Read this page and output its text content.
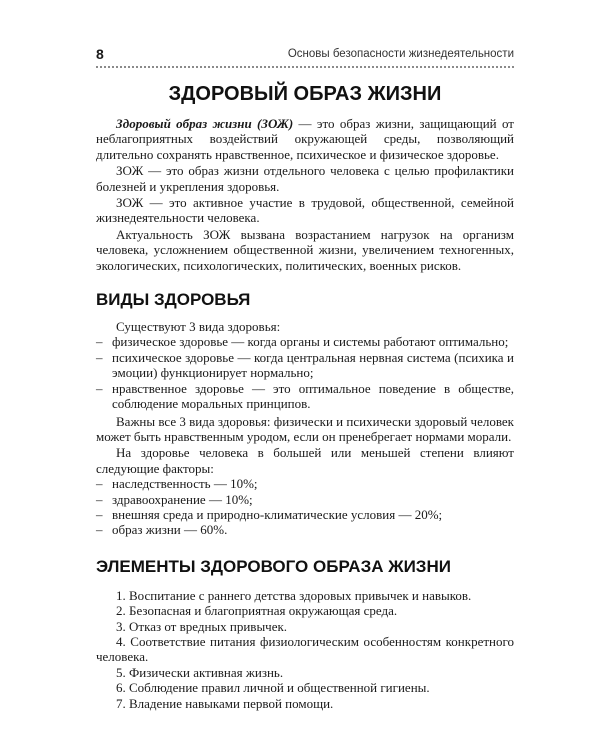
8	Основы безопасности жизнедеятельности
ЗДОРОВЫЙ ОБРАЗ ЖИЗНИ

Здоровый образ жизни (ЗОЖ) — это образ жизни, защищающий от неблагоприятных воздействий окружающей среды, позволяющий длительно сохранять нравственное, психическое и физическое здоровье.

ЗОЖ — это образ жизни отдельного человека с целью профилактики болезней и укрепления здоровья.

ЗОЖ — это активное участие в трудовой, общественной, семейной жизнедеятельности человека.

Актуальность ЗОЖ вызвана возрастанием нагрузок на организм человека, усложнением общественной жизни, увеличением техногенных, экологических, психологических, политических, военных рисков.

ВИДЫ ЗДОРОВЬЯ

Существуют 3 вида здоровья:

– физическое здоровье — когда органы и системы работают оптимально;
– психическое здоровье — когда центральная нервная система (психика и эмоции) функционирует нормально;
– нравственное здоровье — это оптимальное поведение в обществе, соблюдение моральных принципов.

Важны все 3 вида здоровья: физически и психически здоровый человек может быть нравственным уродом, если он пренебрегает нормами морали.

На здоровье человека в большей или меньшей степени влияют следующие факторы:

– наследственность — 10%;
– здравоохранение — 10%;
– внешняя среда и природно-климатические условия — 20%;
– образ жизни — 60%.
ЭЛЕМЕНТЫ ЗДОРОВОГО ОБРАЗА ЖИЗНИ
1. Воспитание с раннего детства здоровых привычек и навыков.
2. Безопасная и благоприятная окружающая среда.
3. Отказ от вредных привычек.
4. Соответствие питания физиологическим особенностям конкретного человека.
5. Физически активная жизнь.
6. Соблюдение правил личной и общественной гигиены.
7. Владение навыками первой помощи.
